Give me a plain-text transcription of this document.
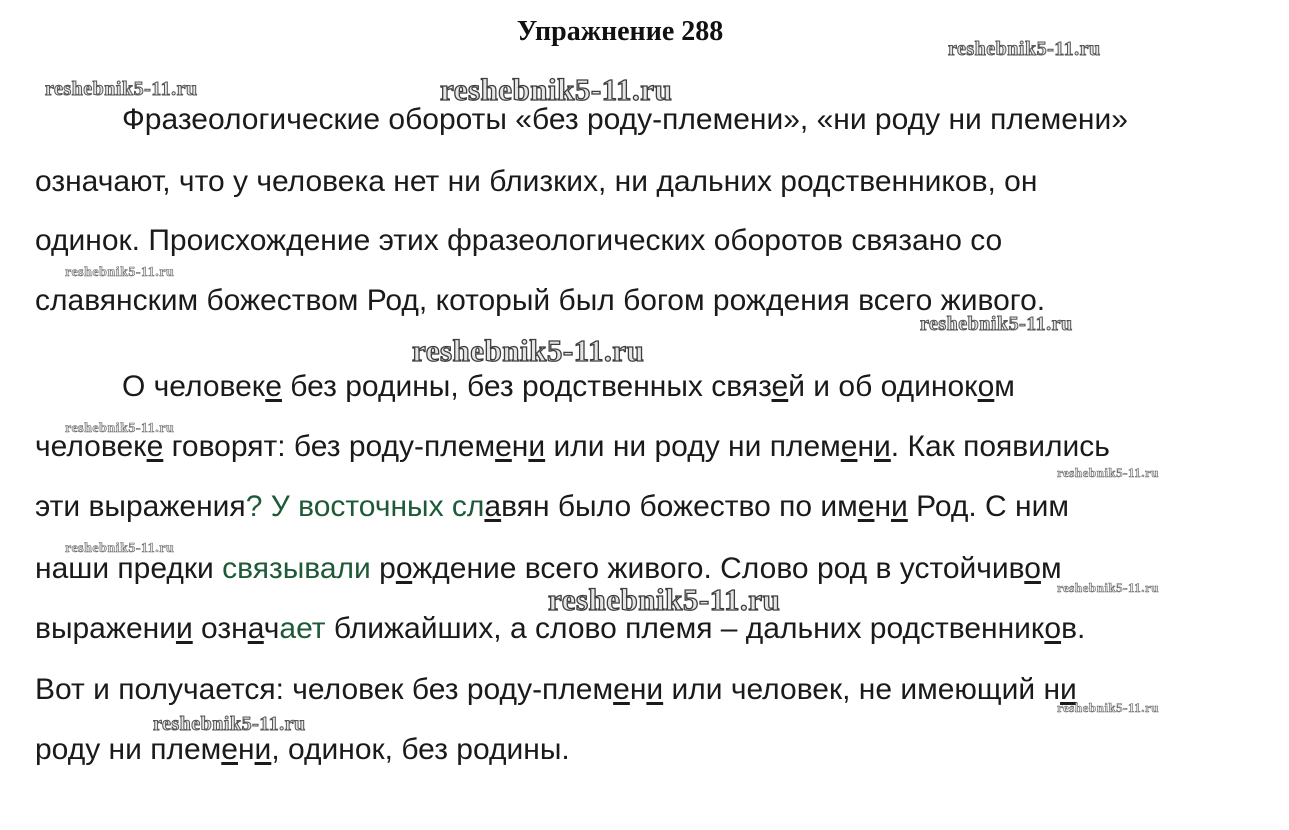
Упражнение 288
Фразеологические обороты «без роду-племени», «ни роду ни племени»
означают, что у человека нет ни близких, ни дальних родственников, он
одинок. Происхождение этих фразеологических оборотов связано со
славянским божеством Род, который был богом рождения всего живого.
О человеке без родины, без родственных связей и об одиноком
человеке говорят: без роду-племени или ни роду ни племени. Как появились
эти выражения? У восточных славян было божество по имени Род. С ним
наши предки связывали рождение всего живого. Слово род в устойчивом
выражении означает ближайших, а слово племя – дальних родственников.
Вот и получается: человек без роду-племени или человек, не имеющий ни
роду ни племени, одинок, без родины.
reshebnik5-11.ru
reshebnik5-11.ru	reshebnik5-11.ru
reshebnik5-11.ru
reshebnik5-11.ru
reshebnik5-11.ru
reshebnik5-11.ru
reshebnik5-11.ru
reshebnik5-11.ru
reshebnik5-11.ru
reshebnik5-11.ru
reshebnik5-11.ru
reshebnik5-11.ru
